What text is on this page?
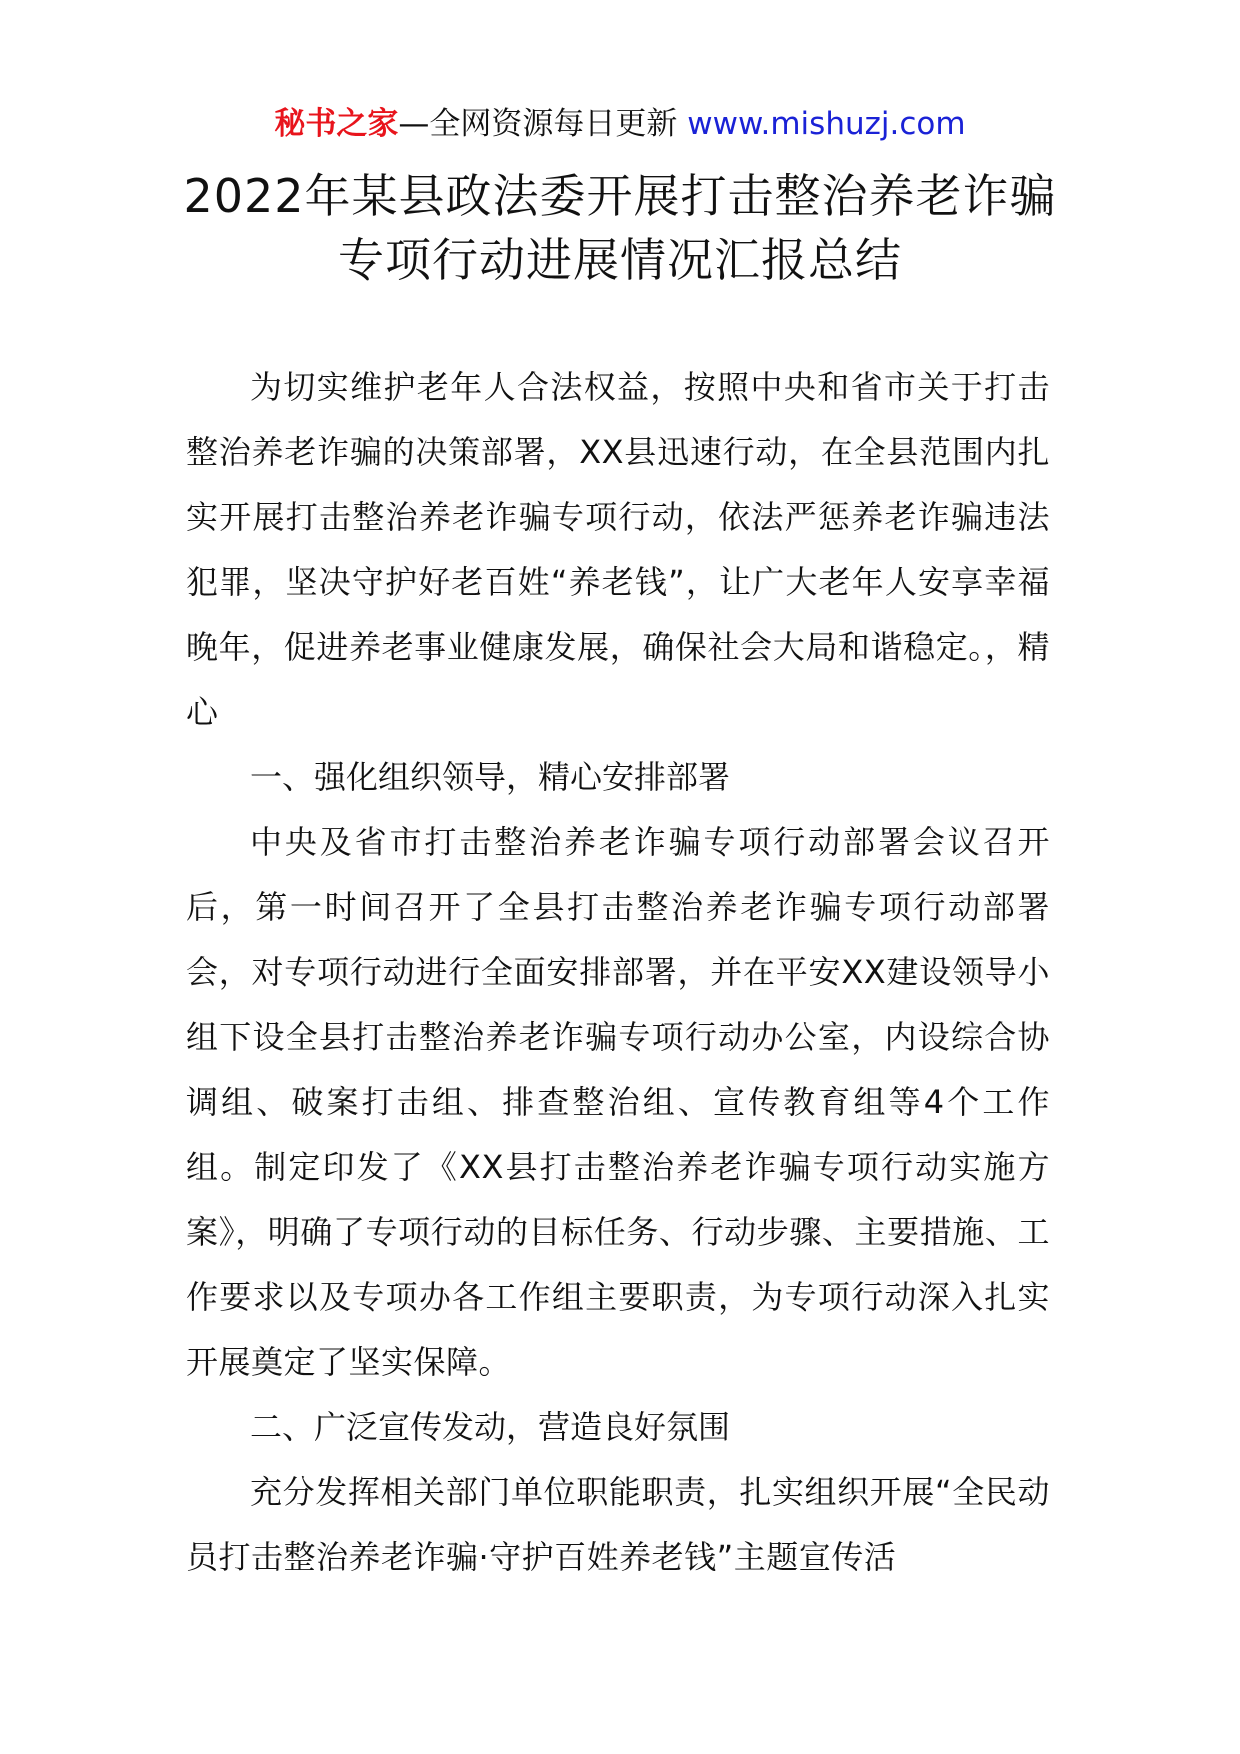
秘书之家—全网资源每日更新 www.mishuzj.com
2022年某县政法委开展打击整治养老诈骗
专项行动进展情况汇报总结

为切实维护老年人合法权益，按照中央和省市关于打击整治养老诈骗的决策部署，XX县迅速行动，在全县范围内扎实开展打击整治养老诈骗专项行动，依法严惩养老诈骗违法犯罪，坚决守护好老百姓“养老钱”，让广大老年人安享幸福晚年，促进养老事业健康发展，确保社会大局和谐稳定。，精心

一、强化组织领导，精心安排部署

中央及省市打击整治养老诈骗专项行动部署会议召开后，第一时间召开了全县打击整治养老诈骗专项行动部署会，对专项行动进行全面安排部署，并在平安XX建设领导小组下设全县打击整治养老诈骗专项行动办公室，内设综合协调组、破案打击组、排查整治组、宣传教育组等4个工作组。制定印发了《XX县打击整治养老诈骗专项行动实施方案》，明确了专项行动的目标任务、行动步骤、主要措施、工作要求以及专项办各工作组主要职责，为专项行动深入扎实开展奠定了坚实保障。

二、广泛宣传发动，营造良好氛围

充分发挥相关部门单位职能职责，扎实组织开展“全民动员打击整治养老诈骗·守护百姓养老钱”主题宣传活
